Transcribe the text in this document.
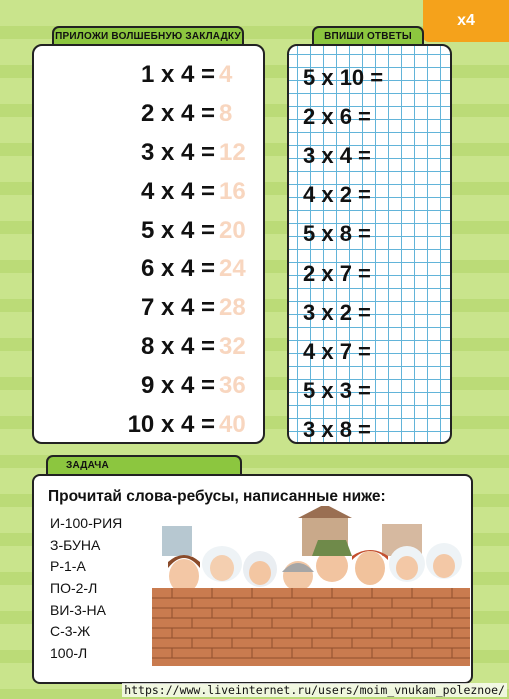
х4
ПРИЛОЖИ ВОЛШЕБНУЮ ЗАКЛАДКУ
1 х 4 = 4
2 х 4 = 8
3 х 4 = 12
4 х 4 = 16
5 х 4 = 20
6 х 4 = 24
7 х 4 = 28
8 х 4 = 32
9 х 4 = 36
10 х 4 = 40
ВПИШИ ОТВЕТЫ
5 х 10 =
2 х 6 =
3 х 4 =
4 х 2 =
5 х 8 =
2 х 7 =
3 х 2 =
4 х 7 =
5 х 3 =
3 х 8 =
ЗАДАЧА
Прочитай слова-ребусы, написанные ниже:
И-100-РИЯ
З-БУНА
Р-1-А
ПО-2-Л
ВИ-3-НА
С-3-Ж
100-Л
https://www.liveinternet.ru/users/moim_vnukam_poleznoe/
